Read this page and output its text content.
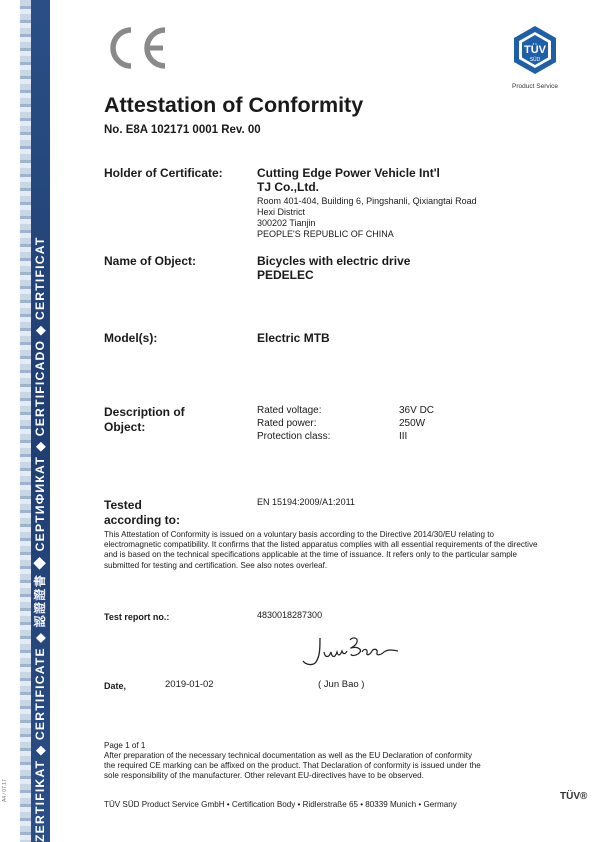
ZERTIFIKAT ◆ CERTIFICATE ◆ 認證證書 ◆ СЕРТИФИКАТ ◆ CERTIFICADO ◆ CERTIFICAT
A4 / 07.17
TÜV
SÜD
Product Service
Attestation of Conformity
No. E8A 102171 0001 Rev. 00
Holder of Certificate:	Cutting Edge Power Vehicle Int'l
TJ Co.,Ltd.
Room 401-404, Building 6, Pingshanli, Qixiangtai Road
Hexi District
300202 Tianjin
PEOPLE'S REPUBLIC OF CHINA
Name of Object:	Bicycles with electric drive
PEDELEC
Model(s):	Electric MTB
Description of
Object:
Rated voltage:	36V DC
Rated power:	250W
Protection class:	III
Tested
according to:
EN 15194:2009/A1:2011
This Attestation of Conformity is issued on a voluntary basis according to the Directive 2014/30/EU relating to electromagnetic compatibility. It confirms that the listed apparatus complies with all essential requirements of the directive and is based on the technical specifications applicable at the time of issuance. It refers only to the particular sample submitted for testing and certification. See also notes overleaf.
Test report no.:	4830018287300
( Jun Bao )
Date,	2019-01-02
Page 1 of 1
After preparation of the necessary technical documentation as well as the EU Declaration of conformity the required CE marking can be affixed on the product. That Declaration of conformity is issued under the sole responsibility of the manufacturer. Other relevant EU-directives have to be observed.
TÜV SÜD Product Service GmbH • Certification Body • Ridlerstraße 65 • 80339 Munich • Germany
TÜV®
